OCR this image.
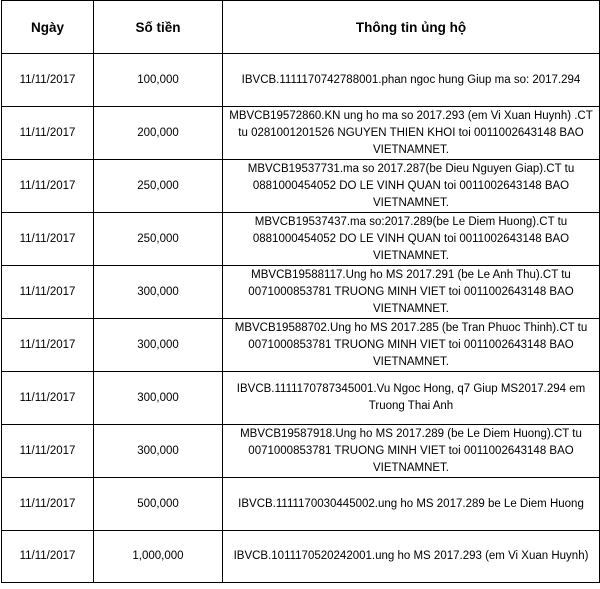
Ngày	Số tiền	Thông tin ủng hộ
11/11/2017	100,000	IBVCB.1111170742788001.phan ngoc hung Giup ma so: 2017.294
11/11/2017	200,000	MBVCB19572860.KN ung ho ma so 2017.293 (em Vi Xuan Huynh) .CT tu 0281001201526 NGUYEN THIEN KHOI toi 0011002643148 BAO VIETNAMNET.
11/11/2017	250,000	MBVCB19537731.ma so 2017.287(be Dieu Nguyen Giap).CT tu 0881000454052 DO LE VINH QUAN toi 0011002643148 BAO VIETNAMNET.
11/11/2017	250,000	MBVCB19537437.ma so:2017.289(be Le Diem Huong).CT tu 0881000454052 DO LE VINH QUAN toi 0011002643148 BAO VIETNAMNET.
11/11/2017	300,000	MBVCB19588117.Ung ho MS 2017.291 (be Le Anh Thu).CT tu 0071000853781 TRUONG MINH VIET toi 0011002643148 BAO VIETNAMNET.
11/11/2017	300,000	MBVCB19588702.Ung ho MS 2017.285 (be Tran Phuoc Thinh).CT tu 0071000853781 TRUONG MINH VIET toi 0011002643148 BAO VIETNAMNET.
11/11/2017	300,000	IBVCB.1111170787345001.Vu Ngoc Hong, q7 Giup MS2017.294 em Truong Thai Anh
11/11/2017	300,000	MBVCB19587918.Ung ho MS 2017.289 (be Le Diem Huong).CT tu 0071000853781 TRUONG MINH VIET toi 0011002643148 BAO VIETNAMNET.
11/11/2017	500,000	IBVCB.1111170030445002.ung ho MS 2017.289 be Le Diem Huong
11/11/2017	1,000,000	IBVCB.1011170520242001.ung ho MS 2017.293 (em Vi Xuan Huynh)
